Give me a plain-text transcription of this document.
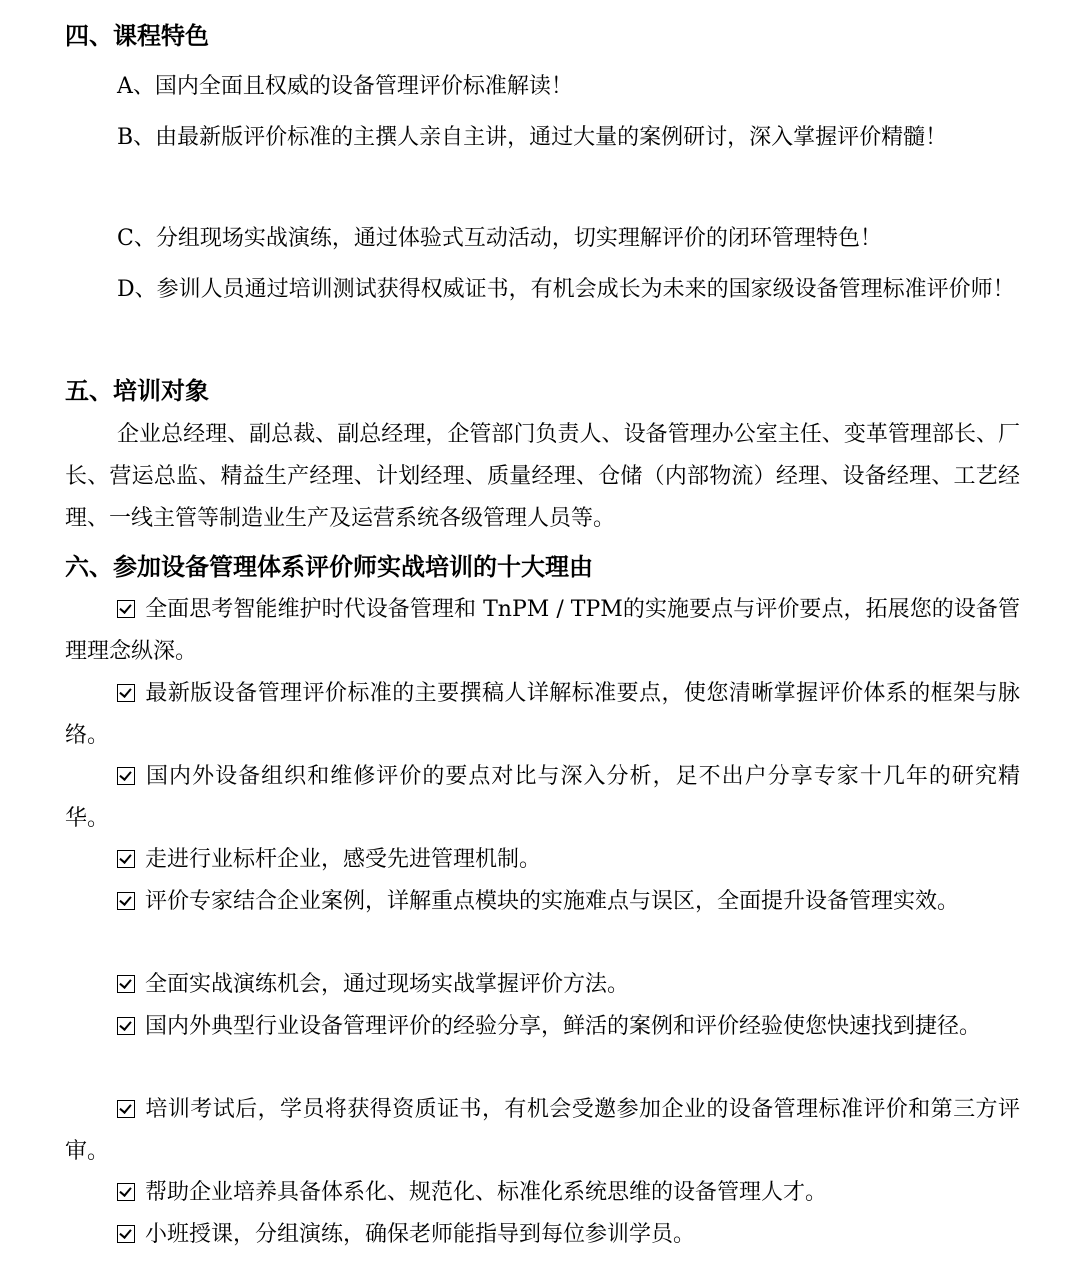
四、课程特色

A、国内全面且权威的设备管理评价标准解读！

B、由最新版评价标准的主撰人亲自主讲，通过大量的案例研讨，深入掌握评价精髓！

C、分组现场实战演练，通过体验式互动活动，切实理解评价的闭环管理特色！

D、参训人员通过培训测试获得权威证书，有机会成长为未来的国家级设备管理标准评价师！

五、培训对象

企业总经理、副总裁、副总经理，企管部门负责人、设备管理办公室主任、变革管理部长、厂长、营运总监、精益生产经理、计划经理、质量经理、仓储（内部物流）经理、设备经理、工艺经理、一线主管等制造业生产及运营系统各级管理人员等。

六、参加设备管理体系评价师实战培训的十大理由

全面思考智能维护时代设备管理和 TnPM / TPM的实施要点与评价要点，拓展您的设备管理理念纵深。

最新版设备管理评价标准的主要撰稿人详解标准要点，使您清晰掌握评价体系的框架与脉络。

国内外设备组织和维修评价的要点对比与深入分析，足不出户分享专家十几年的研究精华。

走进行业标杆企业，感受先进管理机制。

评价专家结合企业案例，详解重点模块的实施难点与误区，全面提升设备管理实效。

全面实战演练机会，通过现场实战掌握评价方法。

国内外典型行业设备管理评价的经验分享，鲜活的案例和评价经验使您快速找到捷径。

培训考试后，学员将获得资质证书，有机会受邀参加企业的设备管理标准评价和第三方评审。

帮助企业培养具备体系化、规范化、标准化系统思维的设备管理人才。

小班授课，分组演练，确保老师能指导到每位参训学员。
